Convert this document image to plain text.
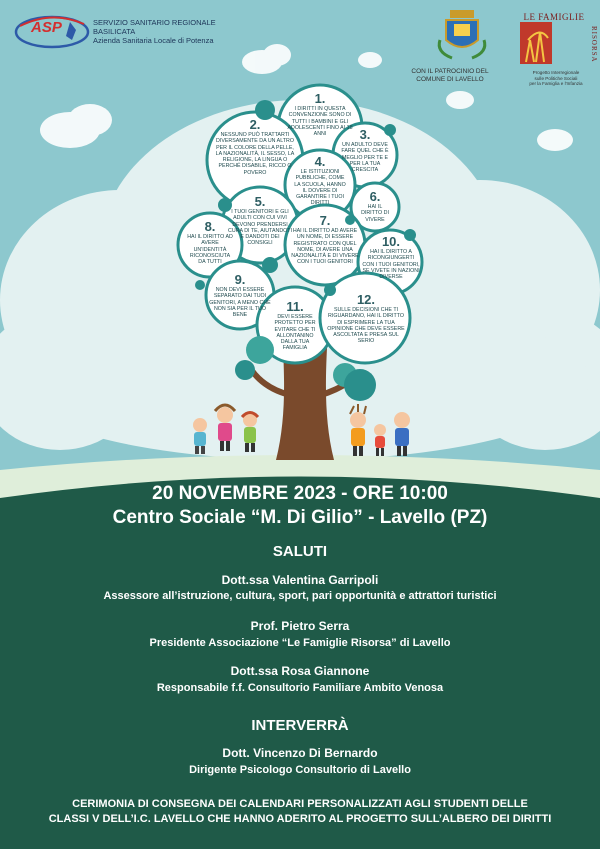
ASP	SERVIZIO SANITARIO REGIONALE
BASILICATA
Azienda Sanitaria Locale di Potenza
CON IL PATROCINIO DEL
COMUNE DI LAVELLO
LE FAMIGLIE
RISORSA
Progetto Interregionale
sulle Politiche Sociali
per la Famiglia e l'Infanzia
1.
I DIRITTI IN QUESTA CONVENZIONE SONO DI TUTTI I BAMBINI E GLI ADOLESCENTI FINO AI 18 ANNI
2.
NESSUNO PUÒ TRATTARTI DIVERSAMENTE DA UN ALTRO PER IL COLORE DELLA PELLE, LA NAZIONALITÀ, IL SESSO, LA RELIGIONE, LA LINGUA O PERCHÉ DISABILE, RICCO O POVERO
3.
UN ADULTO DEVE FARE QUEL CHE È MEGLIO PER TE E PER LA TUA CRESCITA
4.
LE ISTITUZIONI PUBBLICHE, COME LA SCUOLA, HANNO IL DOVERE DI GARANTIRE I TUOI DIRITTI
5.
I TUOI GENITORI E GLI ADULTI CON CUI VIVI DEVONO PRENDERSI CURA DI TE, AIUTANDOTI E DANDOTI DEI CONSIGLI
6.
HAI IL DIRITTO DI VIVERE
7.
HAI IL DIRITTO AD AVERE UN NOME, DI ESSERE REGISTRATO CON QUEL NOME, DI AVERE UNA NAZIONALITÀ E DI VIVERE CON I TUOI GENITORI
8.
HAI IL DIRITTO AD AVERE UN'IDENTITÀ RICONOSCIUTA DA TUTTI
9.
NON DEVI ESSERE SEPARATO DAI TUOI GENITORI, A MENO CHE NON SIA PER IL TUO BENE
10.
HAI IL DIRITTO A RICONGIUNGERTI CON I TUOI GENITORI, SE VIVETE IN NAZIONI DIVERSE
11.
DEVI ESSERE PROTETTO PER EVITARE CHE TI ALLONTANINO DALLA TUA FAMIGLIA
12.
SULLE DECISIONI CHE TI RIGUARDANO, HAI IL DIRITTO DI ESPRIMERE LA TUA OPINIONE CHE DEVE ESSERE ASCOLTATA E PRESA SUL SERIO
20 NOVEMBRE 2023 - ORE 10:00
Centro Sociale “M. Di Gilio” - Lavello (PZ)
SALUTI
Dott.ssa Valentina Garripoli
Assessore all’istruzione, cultura, sport, pari opportunità e attrattori turistici
Prof. Pietro Serra
Presidente Associazione “Le Famiglie Risorsa” di Lavello
Dott.ssa Rosa Giannone
Responsabile f.f. Consultorio Familiare Ambito Venosa
INTERVERRÀ
Dott. Vincenzo Di Bernardo
Dirigente Psicologo Consultorio di Lavello
CERIMONIA DI CONSEGNA DEI CALENDARI PERSONALIZZATI AGLI STUDENTI DELLE
CLASSI V DELL’I.C. LAVELLO CHE HANNO ADERITO AL PROGETTO SULL’ALBERO DEI DIRITTI
